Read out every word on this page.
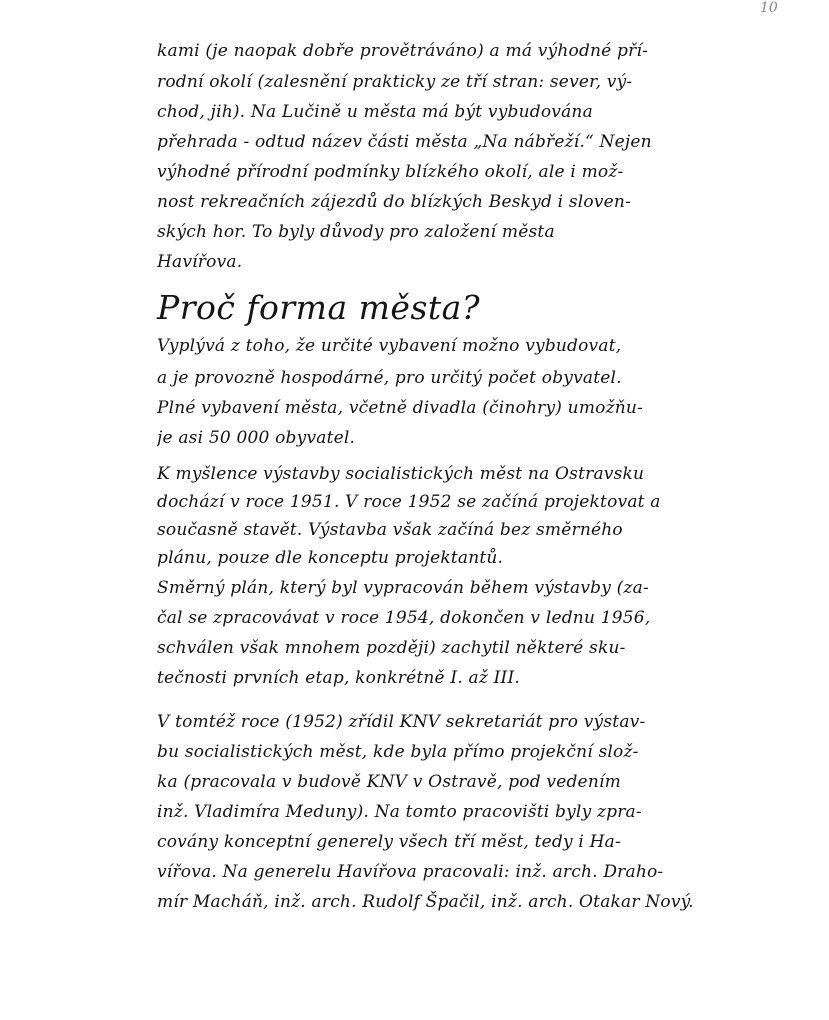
10
kami (je naopak dobře provětráváno) a má výhodné pří-
rodní okolí (zalesnění prakticky ze tří stran: sever, vý-
chod, jih). Na Lučině u města má být vybudována
přehrada - odtud název části města „Na nábřeží.“ Nejen
výhodné přírodní podmínky blízkého okolí, ale i mož-
nost rekreačních zájezdů do blízkých Beskyd i sloven-
ských hor. To byly důvody pro založení města
Havířova.
Proč forma města?
Vyplývá z toho, že určité vybavení možno vybudovat,
a je provozně hospodárné, pro určitý počet obyvatel.
Plné vybavení města, včetně divadla (činohry) umožňu-
je asi 50 000 obyvatel.
K myšlence výstavby socialistických měst na Ostravsku
dochází v roce 1951. V roce 1952 se začíná projektovat a
současně stavět. Výstavba však začíná bez směrného
plánu, pouze dle konceptu projektantů.
Směrný plán, který byl vypracován během výstavby (za-
čal se zpracovávat v roce 1954, dokončen v lednu 1956,
schválen však mnohem později) zachytil některé sku-
tečnosti prvních etap, konkrétně I. až III.
V tomtéž roce (1952) zřídil KNV sekretariát pro výstav-
bu socialistických měst, kde byla přímo projekční slož-
ka (pracovala v budově KNV v Ostravě, pod vedením
inž. Vladimíra Meduny). Na tomto pracovišti byly zpra-
covány konceptní generely všech tří měst, tedy i Ha-
vířova. Na generelu Havířova pracovali: inž. arch. Draho-
mír Macháň, inž. arch. Rudolf Špačil, inž. arch. Otakar Nový.
